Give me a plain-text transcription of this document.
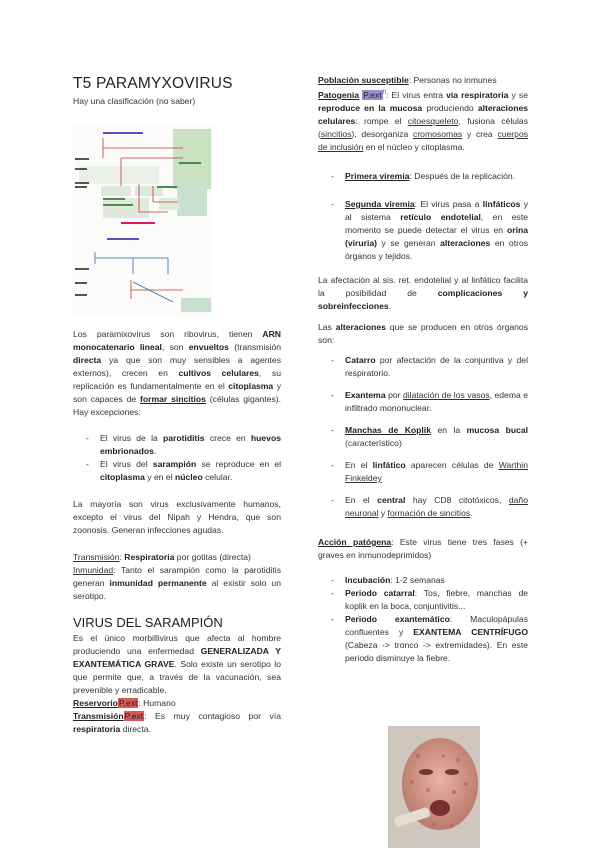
T5 PARAMYXOVIRUS

Hay una clasificación (no saber)

Los paramixovirus son ribovirus, tienen ARN monocatenario lineal, son envueltos (transmisión directa ya que son muy sensibles a agentes externos), crecen en cultivos celulares, su replicación es fundamentalmente en el citoplasma y son capaces de formar sincitios (células gigantes). Hay excepciones:

- El virus de la parotiditis crece en huevos embrionados.
- El virus del sarampión se reproduce en el citoplasma y en el núcleo celular.

La mayoría son virus exclusivamente humanos, excepto el virus del Nipah y Hendra, que son zoonosis. Generan infecciones agudas.

Transmisión: Respiratoria por gotitas (directa)

Inmunidad: Tanto el sarampión como la parotiditis generan inmunidad permanente al existir solo un serotipo.

VIRUS DEL SARAMPIÓN

Es el único morbillivirus que afecta al hombre produciendo una enfermedad GENERALIZADA Y EXANTEMÁTICA GRAVE. Solo existe un serotipo lo que permite que, a través de la vacunación, sea prevenible y erradicable.

ReservorioP.ext: Humano

TransmisiónP.ext: Es muy contagioso por vía respiratoria directa.

Población susceptible: Personas no inmunes

Patogenia P.ext!!: El virus entra vía respiratoria y se reproduce en la mucosa produciendo alteraciones celulares: rompe el citoesqueleto, fusiona células (sincitios), desorganiza cromosomas y crea cuerpos de inclusión en el núcleo y citoplasma.

- Primera viremia: Después de la replicación.
- Segunda viremia: El virus pasa a linfáticos y al sistema retículo endotelial, en este momento se puede detectar el virus en orina (viruria) y se generan alteraciones en otros órganos y tejidos.

La afectación al sis. ret. endotelial y al linfático facilita la posibilidad de complicaciones y sobreinfecciones.

Las alteraciones que se producen en otros órganos son:

- Catarro por afectación de la conjuntiva y del respiratorio.
- Exantema por dilatación de los vasos, edema e infiltrado mononuclear.
- Manchas de Koplik en la mucosa bucal (característico)
- En el linfático aparecen células de Warthin Finkeldey
- En el central hay CD8 citotóxicos, daño neuronal y formación de sincitios.

Acción patógena: Este virus tiene tres fases (+ graves en inmunodeprimidos)

- Incubación: 1-2 semanas
- Periodo catarral: Tos, fiebre, manchas de koplik en la boca, conjuntivitis...
- Periodo exantemático: Maculopápulas confluentes y EXANTEMA CENTRÍFUGO (Cabeza -> tronco -> extremidades). En este periodo disminuye la fiebre.
